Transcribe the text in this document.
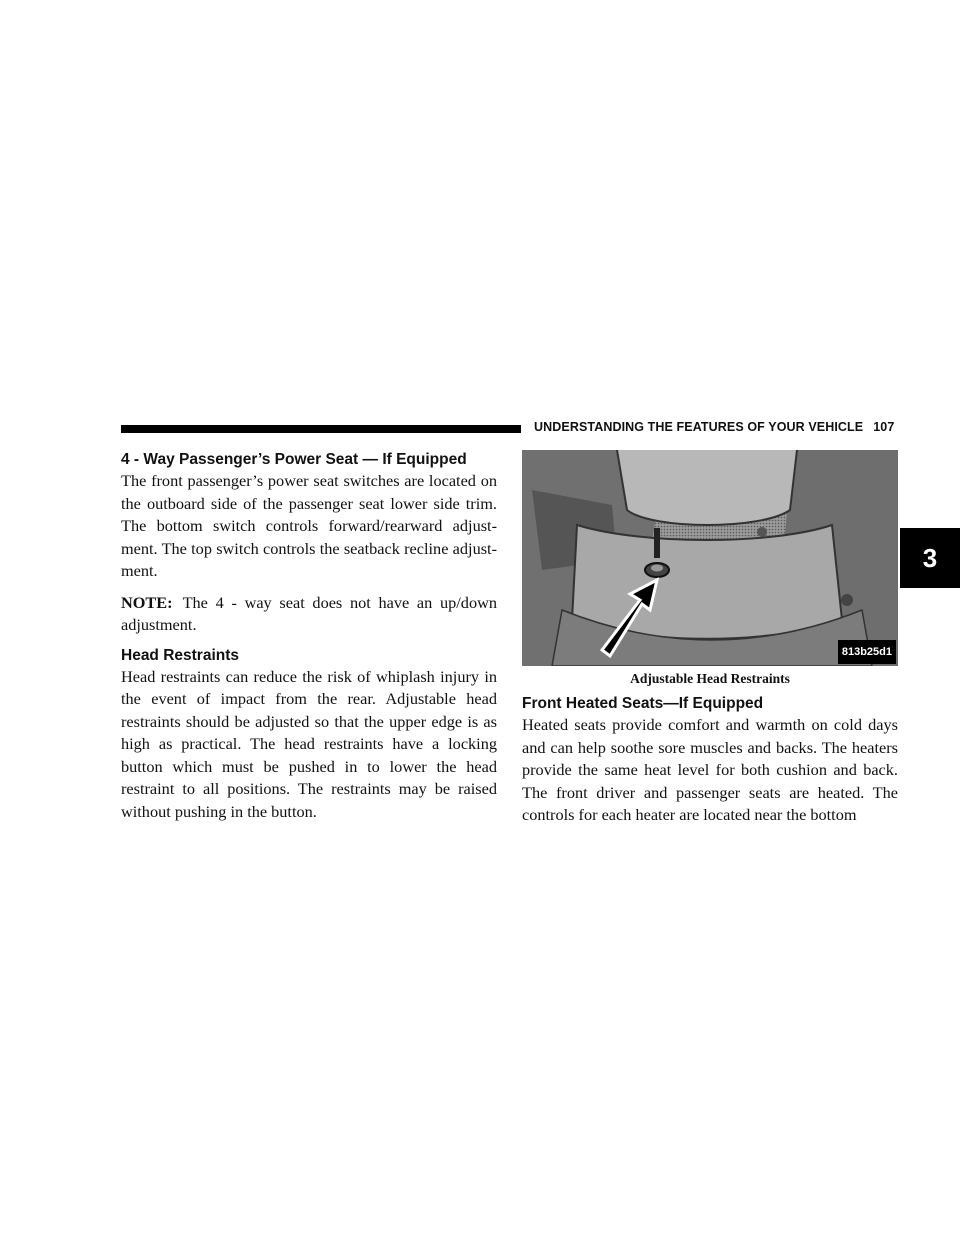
UNDERSTANDING THE FEATURES OF YOUR VEHICLE 107
3
4 - Way Passenger’s Power Seat — If Equipped

The front passenger’s power seat switches are located on the outboard side of the passenger seat lower side trim. The bottom switch controls forward/rearward adjust-ment. The top switch controls the seatback recline adjust-ment.

NOTE: The 4 - way seat does not have an up/down adjustment.

Head Restraints

Head restraints can reduce the risk of whiplash injury in the event of impact from the rear. Adjustable head restraints should be adjusted so that the upper edge is as high as practical. The head restraints have a locking button which must be pushed in to lower the head restraint to all positions. The restraints may be raised without pushing in the button.

813b25d1
Adjustable Head Restraints
Front Heated Seats—If Equipped

Heated seats provide comfort and warmth on cold days and can help soothe sore muscles and backs. The heaters provide the same heat level for both cushion and back. The front driver and passenger seats are heated. The controls for each heater are located near the bottom
